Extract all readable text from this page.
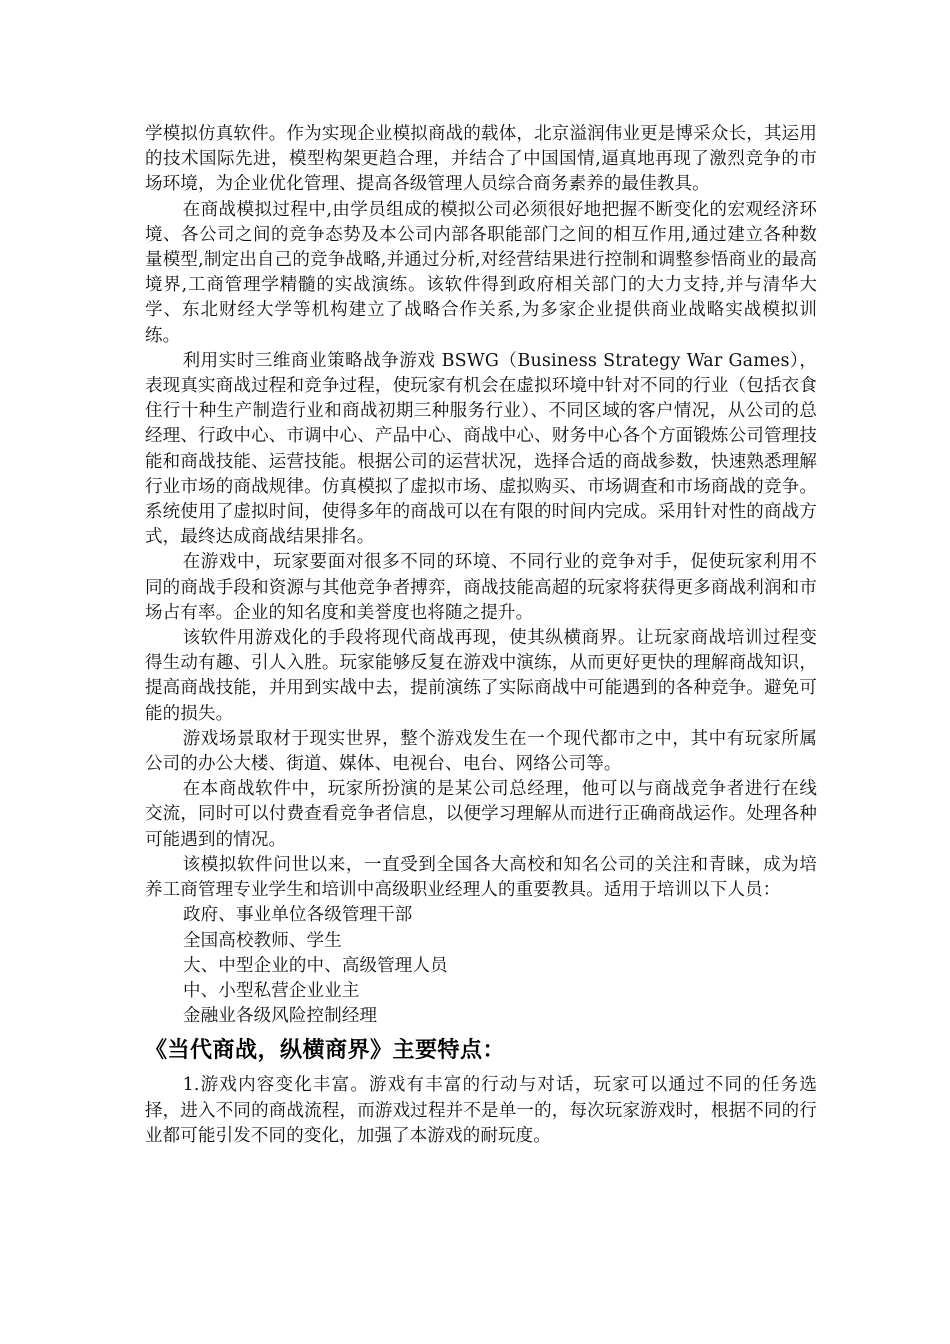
学模拟仿真软件。作为实现企业模拟商战的载体，北京溢润伟业更是博采众长，其运用的技术国际先进，模型构架更趋合理，并结合了中国国情,逼真地再现了激烈竞争的市场环境，为企业优化管理、提高各级管理人员综合商务素养的最佳教具。

在商战模拟过程中,由学员组成的模拟公司必须很好地把握不断变化的宏观经济环境、各公司之间的竞争态势及本公司内部各职能部门之间的相互作用,通过建立各种数量模型,制定出自己的竞争战略,并通过分析,对经营结果进行控制和调整参悟商业的最高境界,工商管理学精髓的实战演练。该软件得到政府相关部门的大力支持,并与清华大学、东北财经大学等机构建立了战略合作关系,为多家企业提供商业战略实战模拟训练。

利用实时三维商业策略战争游戏 BSWG（Business Strategy War Games），表现真实商战过程和竞争过程，使玩家有机会在虚拟环境中针对不同的行业（包括衣食住行十种生产制造行业和商战初期三种服务行业）、不同区域的客户情况，从公司的总经理、行政中心、市调中心、产品中心、商战中心、财务中心各个方面锻炼公司管理技能和商战技能、运营技能。根据公司的运营状况，选择合适的商战参数，快速熟悉理解行业市场的商战规律。仿真模拟了虚拟市场、虚拟购买、市场调查和市场商战的竞争。系统使用了虚拟时间，使得多年的商战可以在有限的时间内完成。采用针对性的商战方式，最终达成商战结果排名。

在游戏中，玩家要面对很多不同的环境、不同行业的竞争对手，促使玩家利用不同的商战手段和资源与其他竞争者搏弈，商战技能高超的玩家将获得更多商战利润和市场占有率。企业的知名度和美誉度也将随之提升。

该软件用游戏化的手段将现代商战再现，使其纵横商界。让玩家商战培训过程变得生动有趣、引人入胜。玩家能够反复在游戏中演练，从而更好更快的理解商战知识，提高商战技能，并用到实战中去，提前演练了实际商战中可能遇到的各种竞争。避免可能的损失。

游戏场景取材于现实世界，整个游戏发生在一个现代都市之中，其中有玩家所属公司的办公大楼、街道、媒体、电视台、电台、网络公司等。

在本商战软件中，玩家所扮演的是某公司总经理，他可以与商战竞争者进行在线交流，同时可以付费查看竞争者信息，以便学习理解从而进行正确商战运作。处理各种可能遇到的情况。

该模拟软件问世以来，一直受到全国各大高校和知名公司的关注和青睐，成为培养工商管理专业学生和培训中高级职业经理人的重要教具。适用于培训以下人员：

政府、事业单位各级管理干部

全国高校教师、学生

大、中型企业的中、高级管理人员

中、小型私营企业业主

金融业各级风险控制经理

《当代商战，纵横商界》主要特点：

1.游戏内容变化丰富。游戏有丰富的行动与对话，玩家可以通过不同的任务选择，进入不同的商战流程，而游戏过程并不是单一的，每次玩家游戏时，根据不同的行业都可能引发不同的变化，加强了本游戏的耐玩度。
